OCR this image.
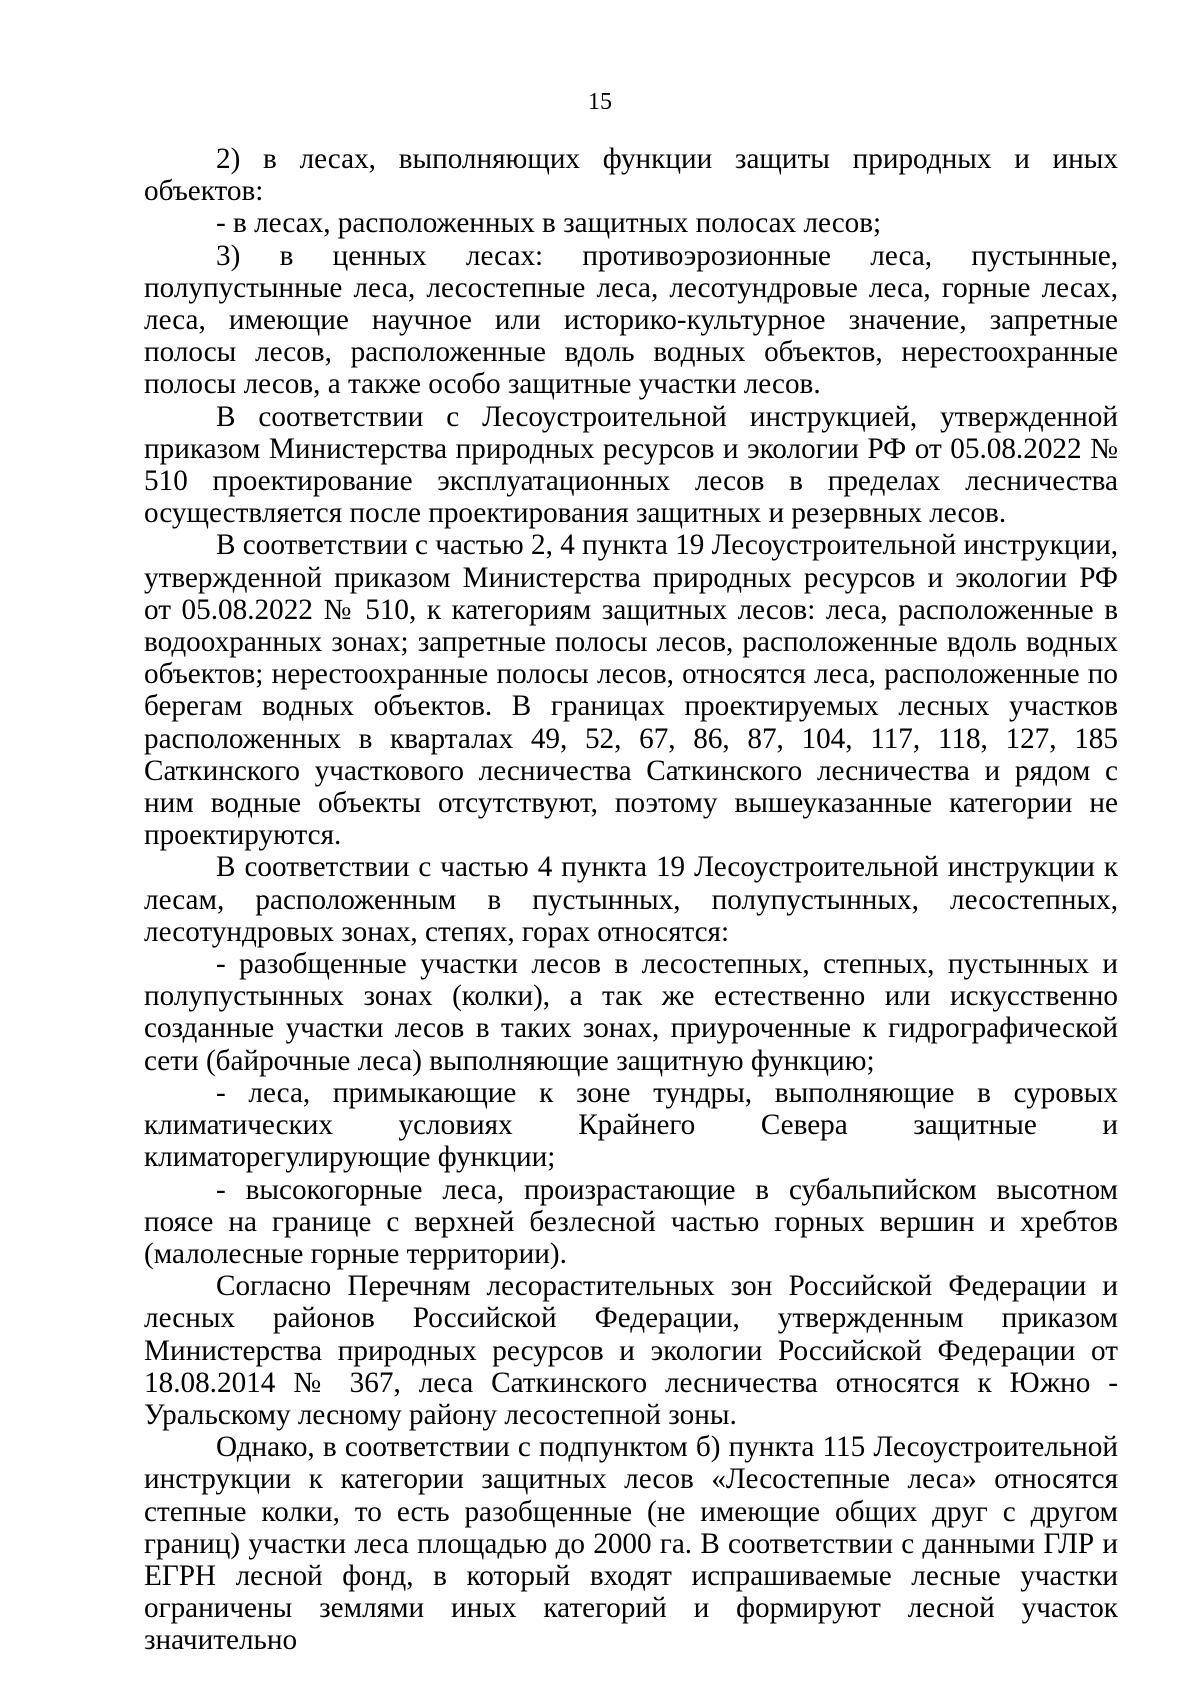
15

2) в лесах, выполняющих функции защиты природных и иных объектов:

- в лесах, расположенных в защитных полосах лесов;

3) в ценных лесах: противоэрозионные леса, пустынные, полупустынные леса, лесостепные леса, лесотундровые леса, горные лесах, леса, имеющие научное или историко-культурное значение, запретные полосы лесов, расположенные вдоль водных объектов, нерестоохранные полосы лесов, а также особо защитные участки лесов.

В соответствии с Лесоустроительной инструкцией, утвержденной приказом Министерства природных ресурсов и экологии РФ от 05.08.2022 № 510 проектирование эксплуатационных лесов в пределах лесничества осуществляется после проектирования защитных и резервных лесов.

В соответствии с частью 2, 4 пункта 19 Лесоустроительной инструкции, утвержденной приказом Министерства природных ресурсов и экологии РФ от 05.08.2022 № 510, к категориям защитных лесов: леса, расположенные в водоохранных зонах; запретные полосы лесов, расположенные вдоль водных объектов; нерестоохранные полосы лесов, относятся леса, расположенные по берегам водных объектов. В границах проектируемых лесных участков расположенных в кварталах 49, 52, 67, 86, 87, 104, 117, 118, 127, 185 Саткинского участкового лесничества Саткинского лесничества и рядом с ним водные объекты отсутствуют, поэтому вышеуказанные категории не проектируются.

В соответствии с частью 4 пункта 19 Лесоустроительной инструкции к лесам, расположенным в пустынных, полупустынных, лесостепных, лесотундровых зонах, степях, горах относятся:

- разобщенные участки лесов в лесостепных, степных, пустынных и полупустынных зонах (колки), а так же естественно или искусственно созданные участки лесов в таких зонах, приуроченные к гидрографической сети (байрочные леса) выполняющие защитную функцию;

- леса, примыкающие к зоне тундры, выполняющие в суровых климатических условиях Крайнего Севера защитные и климаторегулирующие функции;

- высокогорные леса, произрастающие в субальпийском высотном поясе на границе с верхней безлесной частью горных вершин и хребтов (малолесные горные территории).

Согласно Перечням лесорастительных зон Российской Федерации и лесных районов Российской Федерации, утвержденным приказом Министерства природных ресурсов и экологии Российской Федерации от 18.08.2014 № 367, леса Саткинского лесничества относятся к Южно - Уральскому лесному району лесостепной зоны.

Однако, в соответствии с подпунктом б) пункта 115 Лесоустроительной инструкции к категории защитных лесов «Лесостепные леса» относятся степные колки, то есть разобщенные (не имеющие общих друг с другом границ) участки леса площадью до 2000 га. В соответствии с данными ГЛР и ЕГРН лесной фонд, в который входят испрашиваемые лесные участки ограничены землями иных категорий и формируют лесной участок значительно
